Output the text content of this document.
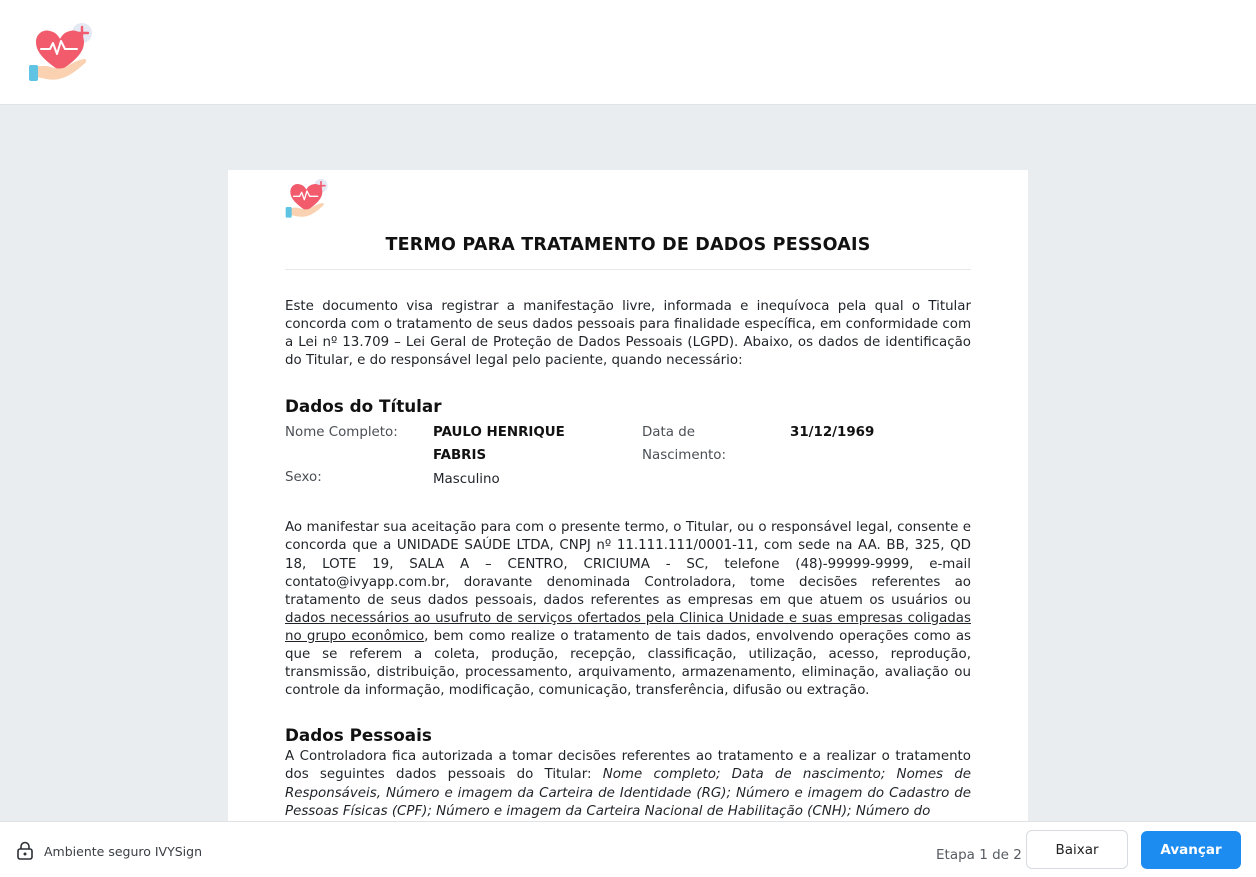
TERMO PARA TRATAMENTO DE DADOS PESSOAIS

Este documento visa registrar a manifestação livre, informada e inequívoca pela qual o Titular concorda com o tratamento de seus dados pessoais para finalidade específica, em conformidade com a Lei nº 13.709 – Lei Geral de Proteção de Dados Pessoais (LGPD). Abaixo, os dados de identificação do Titular, e do responsável legal pelo paciente, quando necessário:

Dados do Títular
Nome Completo:	PAULO HENRIQUE FABRIS
Data de Nascimento:
31/12/1969
Sexo:	Masculino

Ao manifestar sua aceitação para com o presente termo, o Titular, ou o responsável legal, consente e concorda que a UNIDADE SAÚDE LTDA, CNPJ nº 11.111.111/0001-11, com sede na AA. BB, 325, QD 18, LOTE 19, SALA A – CENTRO, CRICIUMA - SC, telefone (48)-99999-9999, e-mail contato@ivyapp.com.br, doravante denominada Controladora, tome decisões referentes ao tratamento de seus dados pessoais, dados referentes as empresas em que atuem os usuários ou dados necessários ao usufruto de serviços ofertados pela Clinica Unidade e suas empresas coligadas no grupo econômico, bem como realize o tratamento de tais dados, envolvendo operações como as que se referem a coleta, produção, recepção, classificação, utilização, acesso, reprodução, transmissão, distribuição, processamento, arquivamento, armazenamento, eliminação, avaliação ou controle da informação, modificação, comunicação, transferência, difusão ou extração.

Dados Pessoais

A Controladora fica autorizada a tomar decisões referentes ao tratamento e a realizar o tratamento dos seguintes dados pessoais do Titular: Nome completo; Data de nascimento; Nomes de Responsáveis, Número e imagem da Carteira de Identidade (RG); Número e imagem do Cadastro de Pessoas Físicas (CPF); Número e imagem da Carteira Nacional de Habilitação (CNH); Número do

Ambiente seguro IVYSign	Etapa 1 de 2	Baixar	Avançar
